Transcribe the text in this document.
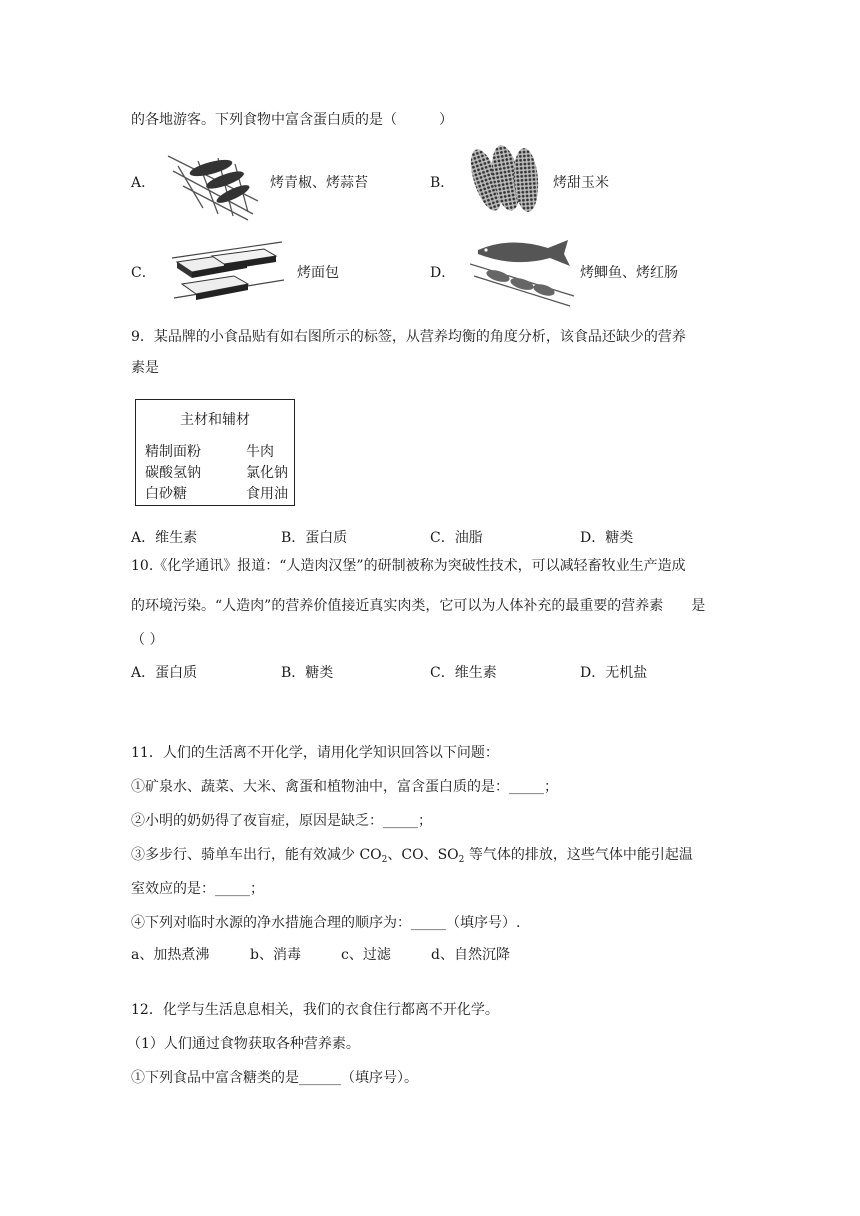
的各地游客。下列食物中富含蛋白质的是（　　　）
A．	烤青椒、烤蒜苔	B．	烤甜玉米
C．	烤面包	D．	烤鲫鱼、烤红肠
9．某品牌的小食品贴有如右图所示的标签，从营养均衡的角度分析，该食品还缺少的营养
素是
主材和辅材
精制面粉	牛肉
碳酸氢钠	氯化钠
白砂糖	食用油
A．维生素	B．蛋白质	C．油脂	D．糖类
10.《化学通讯》报道：“人造肉汉堡”的研制被称为突破性技术，可以减轻畜牧业生产造成
的环境污染。“人造肉”的营养价值接近真实肉类，它可以为人体补充的最重要的营养素　　是
（ ）
A．蛋白质	B．糖类	C．维生素	D．无机盐
11．人们的生活离不开化学，请用化学知识回答以下问题：
①矿泉水、蔬菜、大米、禽蛋和植物油中，富含蛋白质的是：_____；
②小明的奶奶得了夜盲症，原因是缺乏：_____；
③多步行、骑单车出行，能有效减少 $CO_2$、CO、$SO_2$ 等气体的排放，这些气体中能引起温
室效应的是：_____；
④下列对临时水源的净水措施合理的顺序为：_____（填序号）.
a、加热煮沸	b、消毒	c、过滤	d、自然沉降
12．化学与生活息息相关，我们的衣食住行都离不开化学。
（1）人们通过食物获取各种营养素。
①下列食品中富含糖类的是______（填序号）。
